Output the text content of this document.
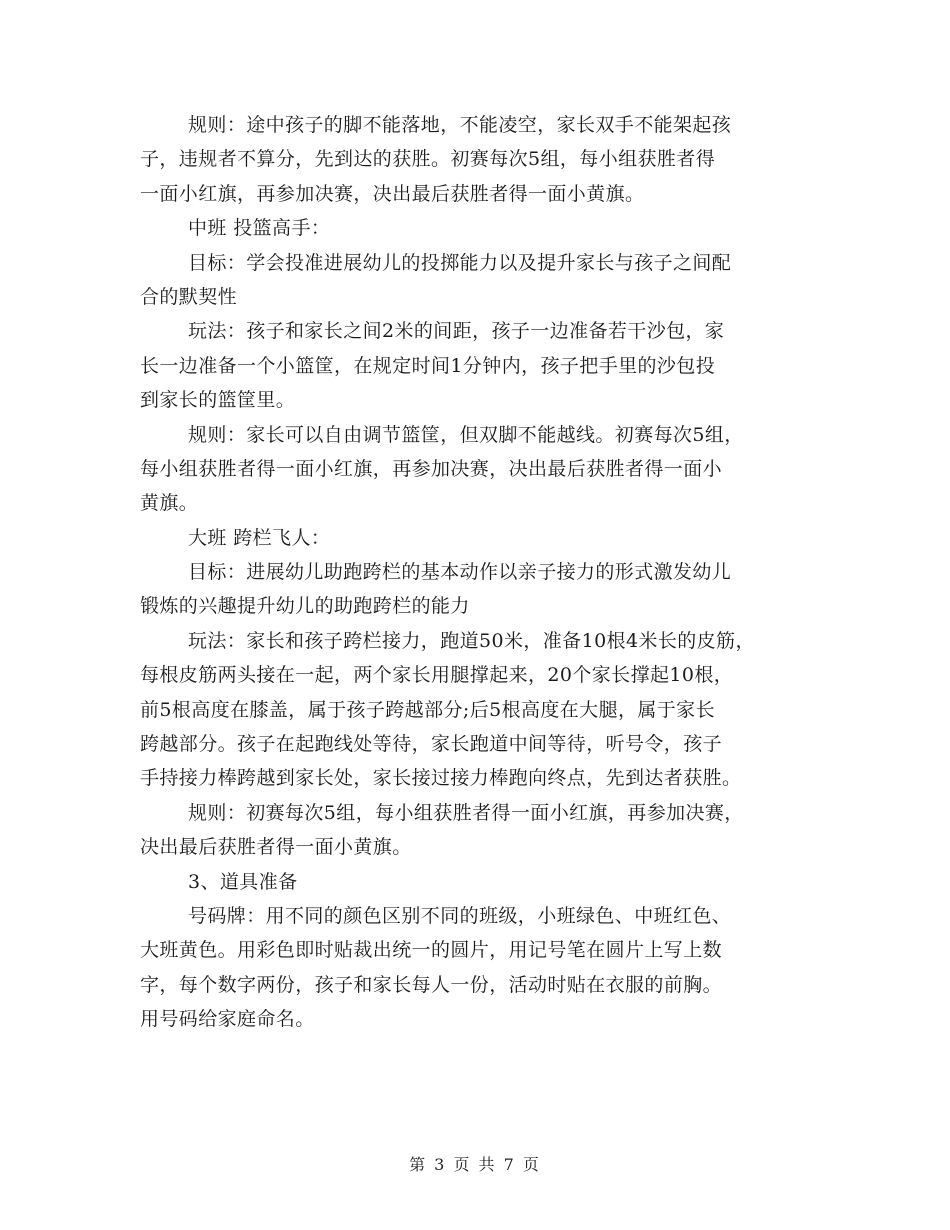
规则：途中孩子的脚不能落地，不能凌空，家长双手不能架起孩
子，违规者不算分，先到达的获胜。初赛每次5组，每小组获胜者得
一面小红旗，再参加决赛，决出最后获胜者得一面小黄旗。
中班 投篮高手：
目标：学会投准进展幼儿的投掷能力以及提升家长与孩子之间配
合的默契性
玩法：孩子和家长之间2米的间距，孩子一边准备若干沙包，家
长一边准备一个小篮筐，在规定时间1分钟内，孩子把手里的沙包投
到家长的篮筐里。
规则：家长可以自由调节篮筐，但双脚不能越线。初赛每次5组，
每小组获胜者得一面小红旗，再参加决赛，决出最后获胜者得一面小
黄旗。
大班 跨栏飞人：
目标：进展幼儿助跑跨栏的基本动作以亲子接力的形式激发幼儿
锻炼的兴趣提升幼儿的助跑跨栏的能力
玩法：家长和孩子跨栏接力，跑道50米，准备10根4米长的皮筋，
每根皮筋两头接在一起，两个家长用腿撑起来，20个家长撑起10根，
前5根高度在膝盖，属于孩子跨越部分;后5根高度在大腿，属于家长
跨越部分。孩子在起跑线处等待，家长跑道中间等待，听号令，孩子
手持接力棒跨越到家长处，家长接过接力棒跑向终点，先到达者获胜。
规则：初赛每次5组，每小组获胜者得一面小红旗，再参加决赛，
决出最后获胜者得一面小黄旗。
3、道具准备
号码牌：用不同的颜色区别不同的班级，小班绿色、中班红色、
大班黄色。用彩色即时贴裁出统一的圆片，用记号笔在圆片上写上数
字，每个数字两份，孩子和家长每人一份，活动时贴在衣服的前胸。
用号码给家庭命名。
第 3 页 共 7 页
